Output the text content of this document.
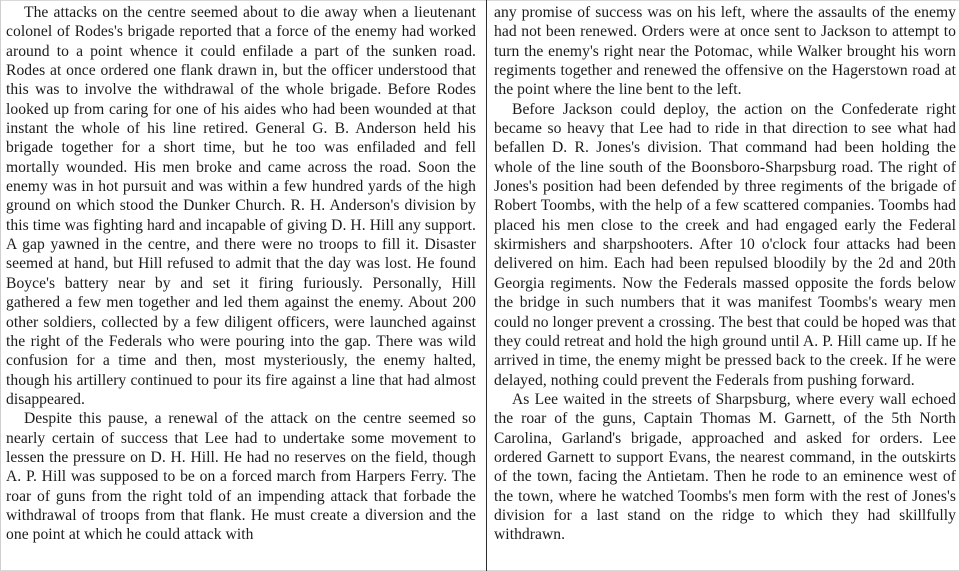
The attacks on the centre seemed about to die away when a lieutenant colonel of Rodes's brigade reported that a force of the enemy had worked around to a point whence it could enfilade a part of the sunken road. Rodes at once ordered one flank drawn in, but the officer understood that this was to involve the withdrawal of the whole brigade. Before Rodes looked up from caring for one of his aides who had been wounded at that instant the whole of his line retired. General G. B. Anderson held his brigade together for a short time, but he too was enfiladed and fell mortally wounded. His men broke and came across the road. Soon the enemy was in hot pursuit and was within a few hundred yards of the high ground on which stood the Dunker Church. R. H. Anderson's division by this time was fighting hard and incapable of giving D. H. Hill any support. A gap yawned in the centre, and there were no troops to fill it. Disaster seemed at hand, but Hill refused to admit that the day was lost. He found Boyce's battery near by and set it firing furiously. Personally, Hill gathered a few men together and led them against the enemy. About 200 other soldiers, collected by a few diligent officers, were launched against the right of the Federals who were pouring into the gap. There was wild confusion for a time and then, most mysteriously, the enemy halted, though his artillery continued to pour its fire against a line that had almost disappeared.

Despite this pause, a renewal of the attack on the centre seemed so nearly certain of success that Lee had to undertake some movement to lessen the pressure on D. H. Hill. He had no reserves on the field, though A. P. Hill was supposed to be on a forced march from Harpers Ferry. The roar of guns from the right told of an impending attack that forbade the withdrawal of troops from that flank. He must create a diversion and the one point at which he could attack with

any promise of success was on his left, where the assaults of the enemy had not been renewed. Orders were at once sent to Jackson to attempt to turn the enemy's right near the Potomac, while Walker brought his worn regiments together and renewed the offensive on the Hagerstown road at the point where the line bent to the left.

Before Jackson could deploy, the action on the Confederate right became so heavy that Lee had to ride in that direction to see what had befallen D. R. Jones's division. That command had been holding the whole of the line south of the Boonsboro-Sharpsburg road. The right of Jones's position had been defended by three regiments of the brigade of Robert Toombs, with the help of a few scattered companies. Toombs had placed his men close to the creek and had engaged early the Federal skirmishers and sharpshooters. After 10 o'clock four attacks had been delivered on him. Each had been repulsed bloodily by the 2d and 20th Georgia regiments. Now the Federals massed opposite the fords below the bridge in such numbers that it was manifest Toombs's weary men could no longer prevent a crossing. The best that could be hoped was that they could retreat and hold the high ground until A. P. Hill came up. If he arrived in time, the enemy might be pressed back to the creek. If he were delayed, nothing could prevent the Federals from pushing forward.

As Lee waited in the streets of Sharpsburg, where every wall echoed the roar of the guns, Captain Thomas M. Garnett, of the 5th North Carolina, Garland's brigade, approached and asked for orders. Lee ordered Garnett to support Evans, the nearest command, in the outskirts of the town, facing the Antietam. Then he rode to an eminence west of the town, where he watched Toombs's men form with the rest of Jones's division for a last stand on the ridge to which they had skillfully withdrawn.
